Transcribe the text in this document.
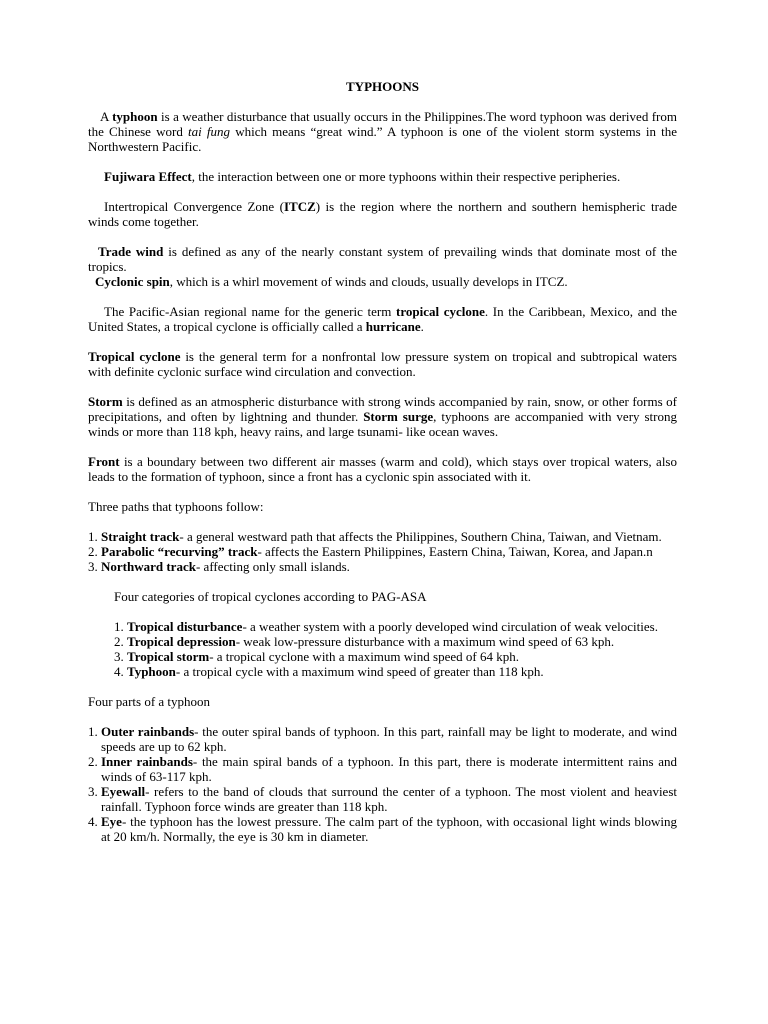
TYPHOONS

A typhoon is a weather disturbance that usually occurs in the Philippines.The word typhoon was derived from the Chinese word tai fung which means “great wind.” A typhoon is one of the violent storm systems in the Northwestern Pacific.

Fujiwara Effect, the interaction between one or more typhoons within their respective peripheries.

Intertropical Convergence Zone (ITCZ) is the region where the northern and southern hemispheric trade winds come together.

Trade wind is defined as any of the nearly constant system of prevailing winds that dominate most of the tropics.

Cyclonic spin, which is a whirl movement of winds and clouds, usually develops in ITCZ.

The Pacific-Asian regional name for the generic term tropical cyclone. In the Caribbean, Mexico, and the United States, a tropical cyclone is officially called a hurricane.

Tropical cyclone is the general term for a nonfrontal low pressure system on tropical and subtropical waters with definite cyclonic surface wind circulation and convection.

Storm is defined as an atmospheric disturbance with strong winds accompanied by rain, snow, or other forms of precipitations, and often by lightning and thunder. Storm surge, typhoons are accompanied with very strong winds or more than 118 kph, heavy rains, and large tsunami- like ocean waves.

Front is a boundary between two different air masses (warm and cold), which stays over tropical waters, also leads to the formation of typhoon, since a front has a cyclonic spin associated with it.

Three paths that typhoons follow:

1. Straight track- a general westward path that affects the Philippines, Southern China, Taiwan, and Vietnam.
2. Parabolic “recurving” track- affects the Eastern Philippines, Eastern China, Taiwan, Korea, and Japan.n
3. Northward track- affecting only small islands.

Four categories of tropical cyclones according to PAG-ASA

1. Tropical disturbance- a weather system with a poorly developed wind circulation of weak velocities.
2. Tropical depression- weak low-pressure disturbance with a maximum wind speed of 63 kph.
3. Tropical storm- a tropical cyclone with a maximum wind speed of 64 kph.
4. Typhoon- a tropical cycle with a maximum wind speed of greater than 118 kph.

Four parts of a typhoon

1. Outer rainbands- the outer spiral bands of typhoon. In this part, rainfall may be light to moderate, and wind speeds are up to 62 kph.
2. Inner rainbands- the main spiral bands of a typhoon. In this part, there is moderate intermittent rains and winds of 63-117 kph.
3. Eyewall- refers to the band of clouds that surround the center of a typhoon. The most violent and heaviest rainfall. Typhoon force winds are greater than 118 kph.
4. Eye- the typhoon has the lowest pressure. The calm part of the typhoon, with occasional light winds blowing at 20 km/h. Normally, the eye is 30 km in diameter.
